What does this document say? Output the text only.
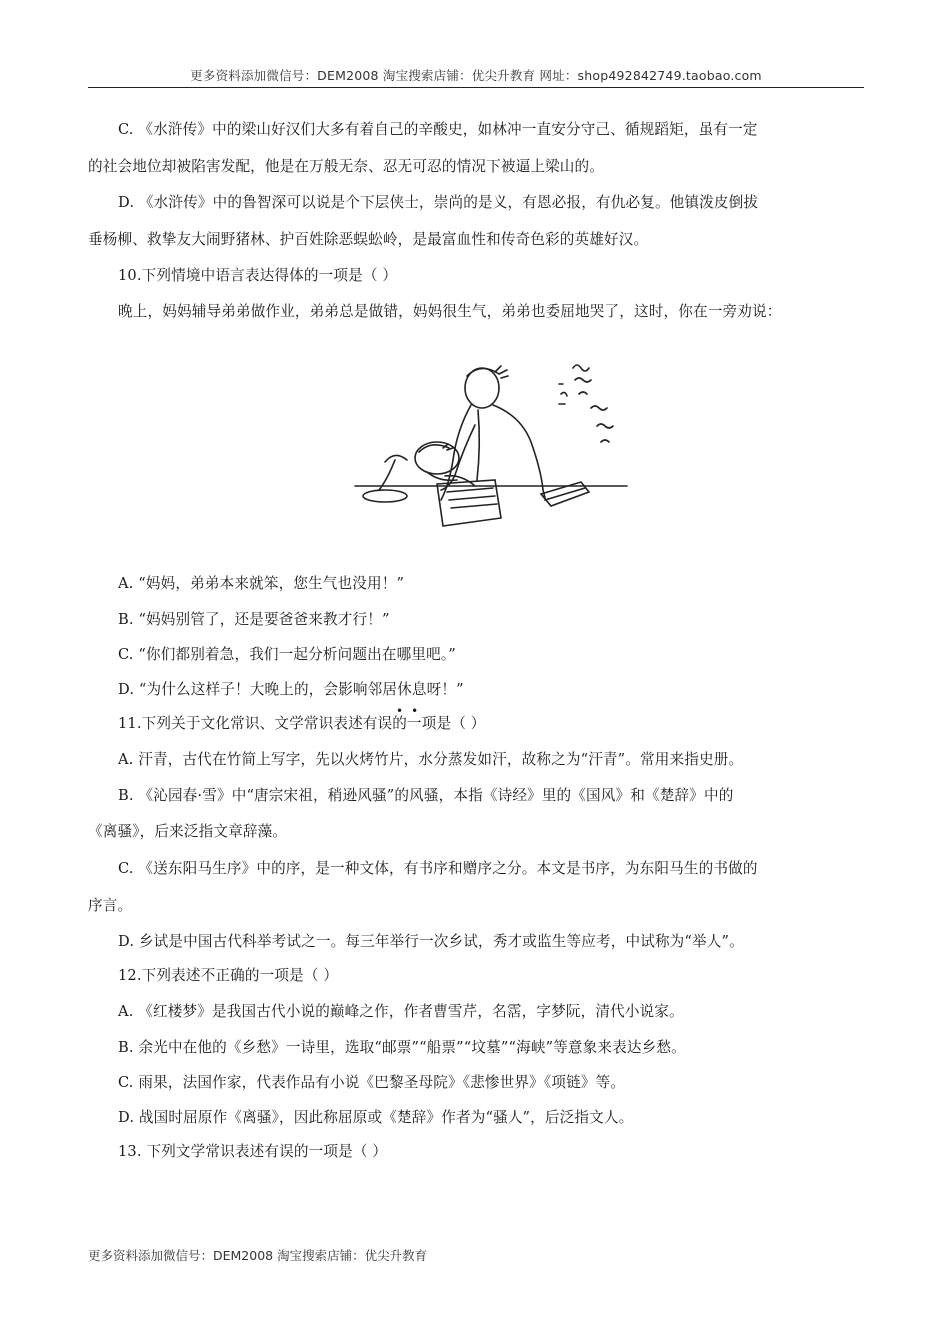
更多资料添加微信号：DEM2008 淘宝搜索店铺：优尖升教育 网址：shop492842749.taobao.com
C. 《水浒传》中的梁山好汉们大多有着自己的辛酸史，如林冲一直安分守己、循规蹈矩，虽有一定
的社会地位却被陷害发配，他是在万般无奈、忍无可忍的情况下被逼上梁山的。
D. 《水浒传》中的鲁智深可以说是个下层侠士，崇尚的是义，有恩必报，有仇必复。他镇泼皮倒拔
垂杨柳、救挚友大闹野猪林、护百姓除恶蜈蚣岭，是最富血性和传奇色彩的英雄好汉。
10.下列情境中语言表达得体的一项是（ ）
晚上，妈妈辅导弟弟做作业，弟弟总是做错，妈妈很生气，弟弟也委屈地哭了，这时，你在一旁劝说：
A. “妈妈，弟弟本来就笨，您生气也没用！”
B. “妈妈别管了，还是要爸爸来教才行！”
C. “你们都别着急，我们一起分析问题出在哪里吧。”
D. “为什么这样子！大晚上的，会影响邻居休息呀！”
••
11.下列关于文化常识、文学常识表述有误的一项是（ ）
A. 汗青，古代在竹简上写字，先以火烤竹片，水分蒸发如汗，故称之为“汗青”。常用来指史册。
B. 《沁园春·雪》中“唐宗宋祖，稍逊风骚”的风骚，本指《诗经》里的《国风》和《楚辞》中的
《离骚》，后来泛指文章辞藻。
C. 《送东阳马生序》中的序，是一种文体，有书序和赠序之分。本文是书序，为东阳马生的书做的
序言。
D. 乡试是中国古代科举考试之一。每三年举行一次乡试，秀才或监生等应考，中试称为“举人”。
12.下列表述不正确的一项是（ ）
A. 《红楼梦》是我国古代小说的巅峰之作，作者曹雪芹，名霑，字梦阮，清代小说家。
B. 余光中在他的《乡愁》一诗里，选取“邮票”“船票”“坟墓”“海峡”等意象来表达乡愁。
C. 雨果，法国作家，代表作品有小说《巴黎圣母院》《悲惨世界》《项链》等。
D. 战国时屈原作《离骚》，因此称屈原或《楚辞》作者为“骚人”，后泛指文人。
13. 下列文学常识表述有误的一项是（ ）
更多资料添加微信号：DEM2008 淘宝搜索店铺：优尖升教育
